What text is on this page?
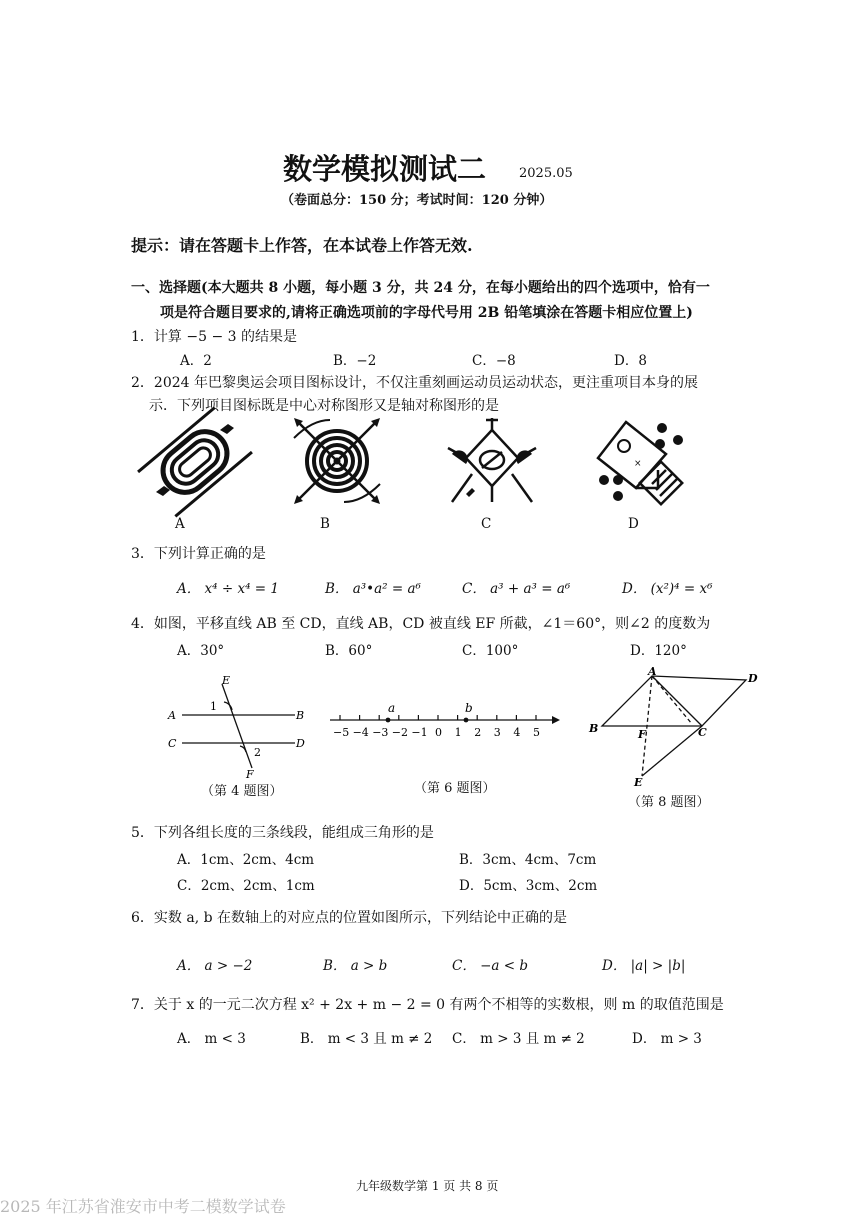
数学模拟测试二	2025.05
（卷面总分：150 分；考试时间：120 分钟）
提示：请在答题卡上作答，在本试卷上作答无效.
一、选择题(本大题共 8 小题，每小题 3 分，共 24 分，在每小题给出的四个选项中，恰有一
项是符合题目要求的,请将正确选项前的字母代号用 2B 铅笔填涂在答题卡相应位置上)
1．计算 −5 − 3 的结果是
A．2	B．−2	C．−8	D．8
2．2024 年巴黎奥运会项目图标设计，不仅注重刻画运动员运动状态，更注重项目本身的展
示．下列项目图标既是中心对称图形又是轴对称图形的是
×
A	B	C	D
3．下列计算正确的是
A． x⁴ ÷ x⁴ = 1	B． a³•a² = a⁶	C． a³ + a³ = a⁶	D． (x²)⁴ = x⁶
4．如图，平移直线 AB 至 CD，直线 AB，CD 被直线 EF 所截，∠1＝60°，则∠2 的度数为
A．30°	B．60°	C．100°	D．120°
E
1
A	B
C	D
2
F
（第 4 题图）
−5 −4 −3 −2 −1 0 1 2 3 4 5
a	b
（第 6 题图）
A
D
B	F	C
E
（第 8 题图）
5．下列各组长度的三条线段，能组成三角形的是
A．1cm、2cm、4cm	B．3cm、4cm、7cm
C．2cm、2cm、1cm	D．5cm、3cm、2cm
6．实数 a, b 在数轴上的对应点的位置如图所示，下列结论中正确的是
A． a > −2	B． a > b	C． −a < b	D． |a| > |b|
7．关于 x 的一元二次方程 x² + 2x + m − 2 = 0 有两个不相等的实数根，则 m 的取值范围是
A． m < 3	B． m < 3 且 m ≠ 2 C． m > 3 且 m ≠ 2	D． m > 3
九年级数学第 1 页 共 8 页
2025 年江苏省淮安市中考二模数学试卷
